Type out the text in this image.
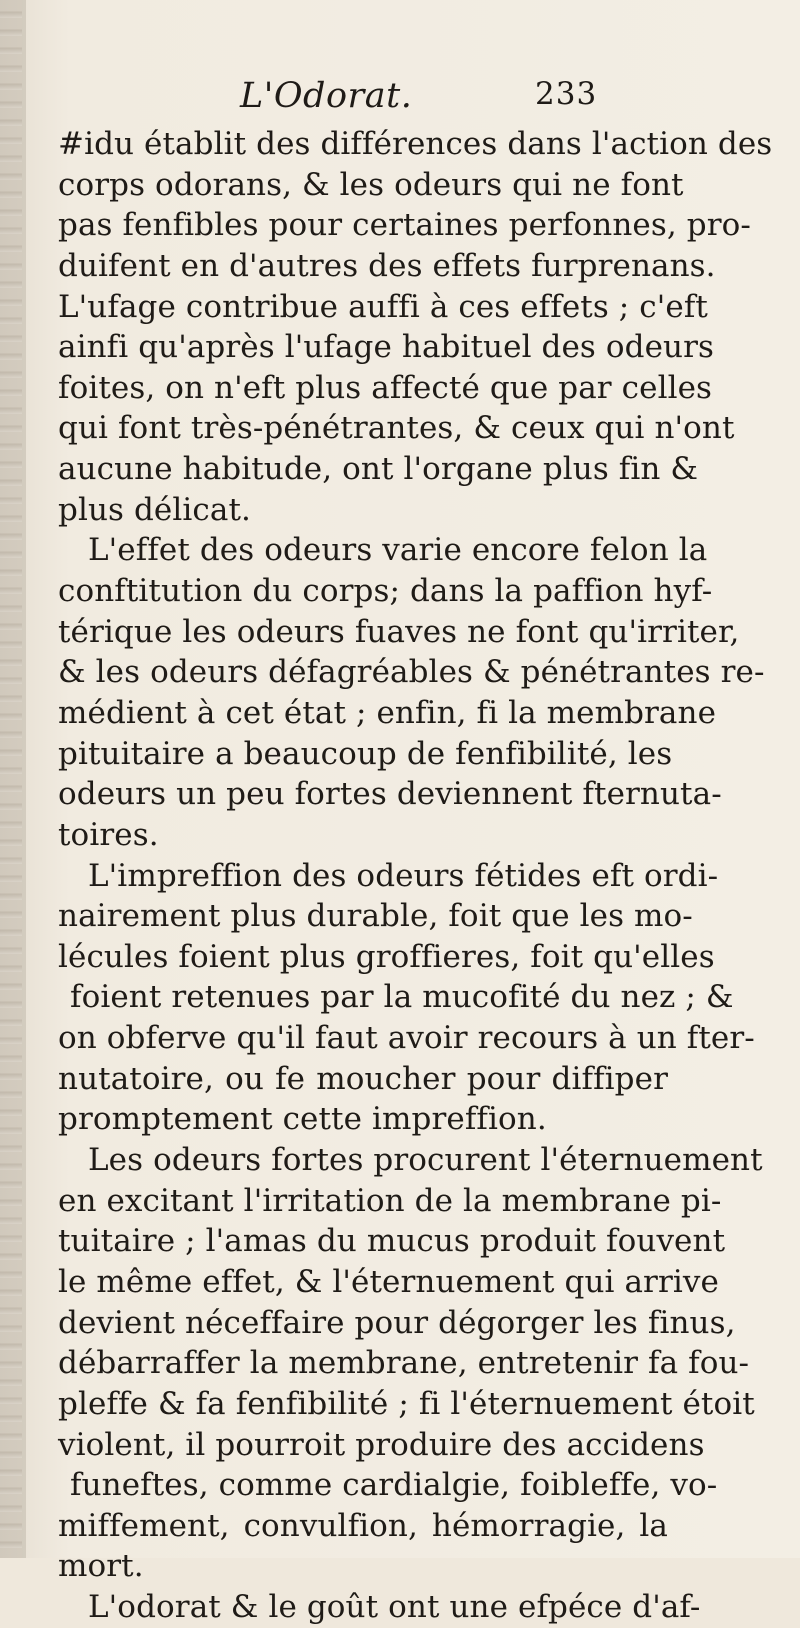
L'Odorat.	233
#idu établit des différences dans l'action des
corps odorans, & les odeurs qui ne font
pas fenfibles pour certaines perfonnes, pro-
duifent en d'autres des effets furprenans.
L'ufage contribue auffi à ces effets ; c'eft
ainfi qu'après l'ufage habituel des odeurs
foites, on n'eft plus affecté que par celles
qui font très-pénétrantes, & ceux qui n'ont
aucune habitude, ont l'organe plus fin &
plus délicat.
L'effet des odeurs varie encore felon la
conftitution du corps; dans la paffion hyf-
térique les odeurs fuaves ne font qu'irriter,
& les odeurs défagréables & pénétrantes re-
médient à cet état ; enfin, fi la membrane
pituitaire a beaucoup de fenfibilité, les
odeurs un peu fortes deviennent fternuta-
toires.
L'impreffion des odeurs fétides eft ordi-
nairement plus durable, foit que les mo-
lécules foient plus groffieres, foit qu'elles
foient retenues par la mucofité du nez ; &
on obferve qu'il faut avoir recours à un fter-
nutatoire, ou fe moucher pour diffiper
promptement cette impreffion.
Les odeurs fortes procurent l'éternuement
en excitant l'irritation de la membrane pi-
tuitaire ; l'amas du mucus produit fouvent
le même effet, & l'éternuement qui arrive
devient néceffaire pour dégorger les finus,
débarraffer la membrane, entretenir fa fou-
pleffe & fa fenfibilité ; fi l'éternuement étoit
violent, il pourroit produire des accidens
funeftes, comme cardialgie, foibleffe, vo-
miffement, convulfion, hémorragie, la
mort.
L'odorat & le goût ont une efpéce d'af-
